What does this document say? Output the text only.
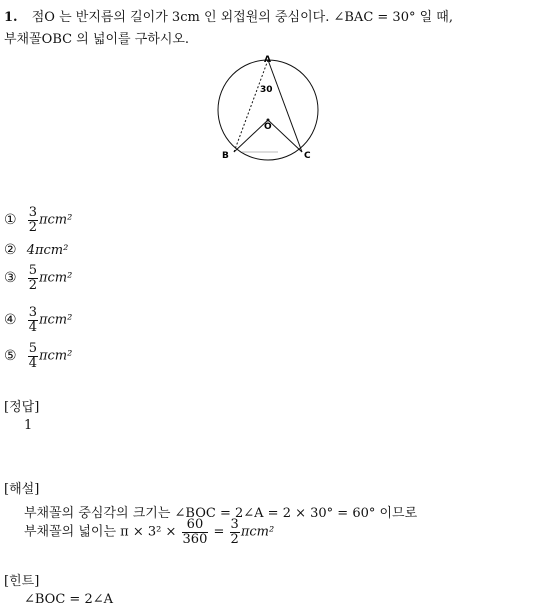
1. 점O 는 반지름의 길이가 3cm 인 외접원의 중심이다. ∠BAC = 30° 일 때,
부채꼴OBC 의 넓이를 구하시오.
A
30
O
B	C
① $\frac{3}{2} \pi cm^2$
② 4πcm²
③ $\frac{5}{2} \pi cm^2$
④ $\frac{3}{4} \pi cm^2$
⑤ $\frac{5}{4} \pi cm^2$
[정답]
1
[해설]
부채꼴의 중심각의 크기는 ∠BOC = 2∠A = 2 × 30° = 60° 이므로
부채꼴의 넓이는 $\pi \times 3^2 \times \frac{60}{360} = \frac{3}{2} \pi cm^2$
[힌트]
∠BOC = 2∠A
